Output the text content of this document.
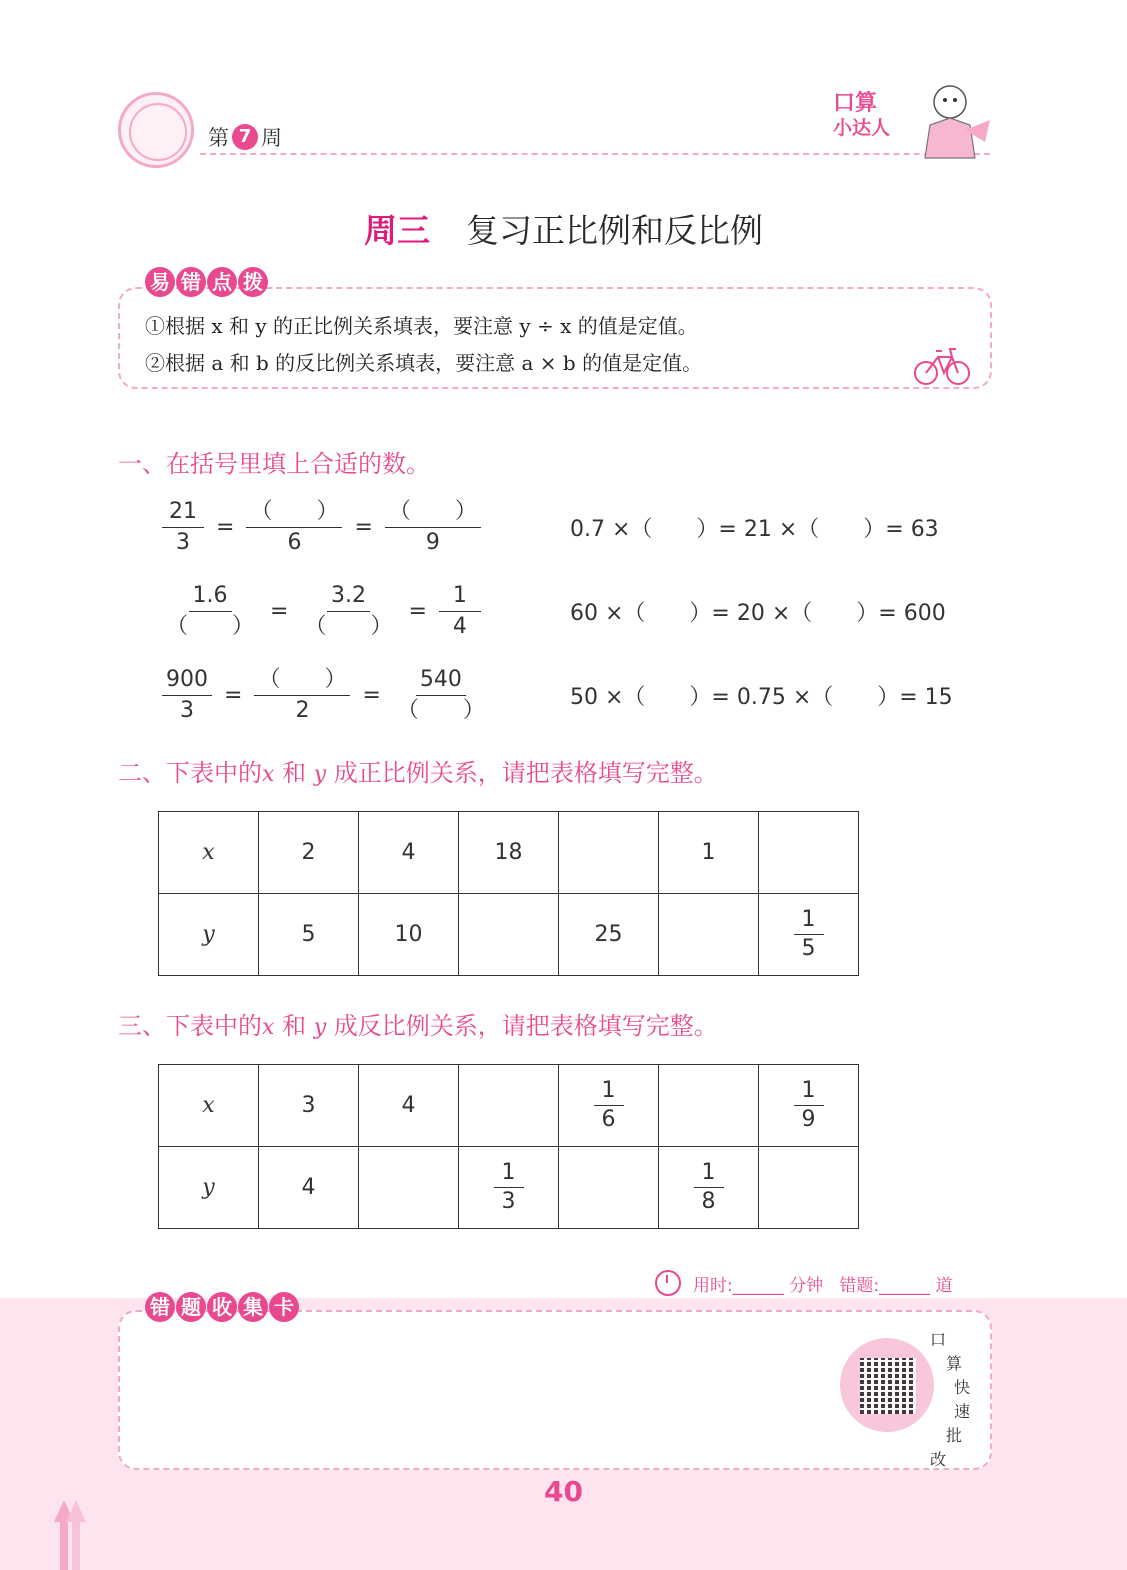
第 7 周
口算
小达人
周三 复习正比例和反比例
易 错 点 拨
①根据 x 和 y 的正比例关系填表，要注意 y ÷ x 的值是定值。
②根据 a 和 b 的反比例关系填表，要注意 a × b 的值是定值。
一、在括号里填上合适的数。
$\frac{21}{3} = \frac{( )}{6} = \frac{( )}{9}$	0.7 ×（　　）= 21 ×（　　）= 63
$\frac{1.6}{( )} = \frac{3.2}{( )} = \frac{1}{4}$	60 ×（　　）= 20 ×（　　）= 600
$\frac{900}{3} = \frac{( )}{2} = \frac{540}{( )}$	50 ×（　　）= 0.75 ×（　　）= 15
二、下表中的x 和 y 成正比例关系，请把表格填写完整。
x	2	4	18		1	
y	5	10		25		$\frac{1}{5}$
三、下表中的x 和 y 成反比例关系，请把表格填写完整。
x	3	4		$\frac{1}{6}$		$\frac{1}{9}$

y	4		$\frac{1}{3}$		$\frac{1}{8}$

用时:______ 分钟   错题:______ 道
错 题 收 集 卡
口
算
快
速
批
改
40
